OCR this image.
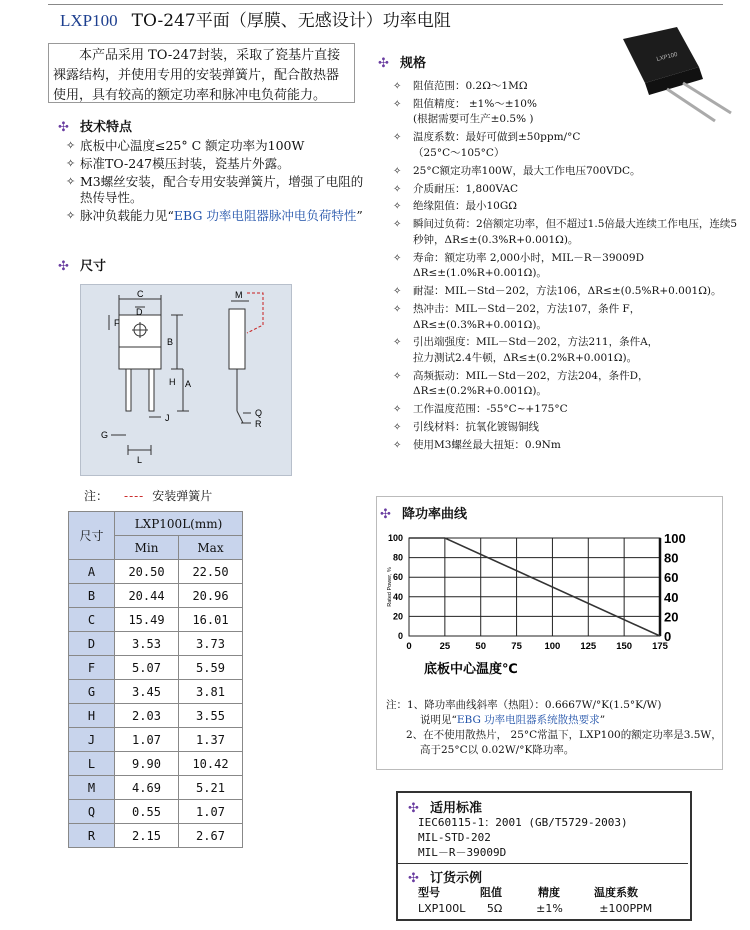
LXP100 TO-247平面（厚膜、无感设计）功率电阻
本产品采用 TO-247封装，采取了瓷基片直接裸露结构，并使用专用的安装弹簧片，配合散热器使用，具有较高的额定功率和脉冲电负荷能力。
✣ 技术特点
✧ 底板中心温度≤25° C 额定功率为100W
✧ 标准TO-247模压封装，瓷基片外露。
✧ M3螺丝安装，配合专用安装弹簧片，增强了电阻的热传导性。
✧ 脉冲负载能力见“EBG 功率电阻器脉冲电负荷特性”
✣ 尺寸
C
D
F
B
H A
J
G
L
M
Q
R
注： ---- 安装弹簧片
尺寸	LXP100L(mm)	
	Min	Max
A	20.50	22.50
B	20.44	20.96
C	15.49	16.01
D	3.53	3.73
F	5.07	5.59
G	3.45	3.81
H	2.03	3.55
J	1.07	1.37
L	9.90	10.42
M	4.69	5.21
Q	0.55	1.07
R	2.15	2.67
✣ 规格
✧ 阻值范围：0.2Ω～1MΩ
✧ 阻值精度： ±1%～±10%
(根据需要可生产±0.5% )
✧ 温度系数：最好可做到±50ppm/°C
（25°C～105°C）
✧ 25°C额定功率100W，最大工作电压700VDC。
✧ 介质耐压：1,800VAC
✧ 绝缘阻值：最小10GΩ
✧ 瞬间过负荷：2倍额定功率，但不超过1.5倍最大连续工作电压，连续5秒钟，ΔR≤±(0.3%R+0.001Ω)。
✧ 寿命：额定功率 2,000小时，MIL－R－39009D
ΔR≤±(1.0%R+0.001Ω)。
✧ 耐湿：MIL－Std－202，方法106，ΔR≤±(0.5%R+0.001Ω)。
✧ 热冲击：MIL－Std－202，方法107，条件 F，
ΔR≤±(0.3%R+0.001Ω)。
✧ 引出端强度：MIL－Std－202，方法211，条件A，
拉力测试2.4牛顿，ΔR≤±(0.2%R+0.001Ω)。
✧ 高频振动：MIL－Std－202，方法204，条件D，
ΔR≤±(0.2%R+0.001Ω)。
✧ 工作温度范围：-55°C~+175°C
✧ 引线材料：抗氧化镀锡铜线
✧ 使用M3螺丝最大扭矩：0.9Nm
LXP100
✣ 降功率曲线
0	25	50	75 100 125 150 175
0	0
20	20
40	40
60	60
80	80
100	100
Rated Power, %
底板中心温度℃
注：1、降功率曲线斜率（热阻）：0.6667W/°K(1.5°K/W)
说明见“EBG 功率电阻器系统散热要求”
2、在不使用散热片， 25°C常温下，LXP100的额定功率是3.5W，
高于25°C以 0.02W/°K降功率。
✣ 适用标准
IEC60115-1：2001 (GB/T5729-2003)
MIL-STD-202
MIL－R－39009D
✣ 订货示例
型号	阻值	精度	温度系数
LXP100L	5Ω	±1%	±100PPM
